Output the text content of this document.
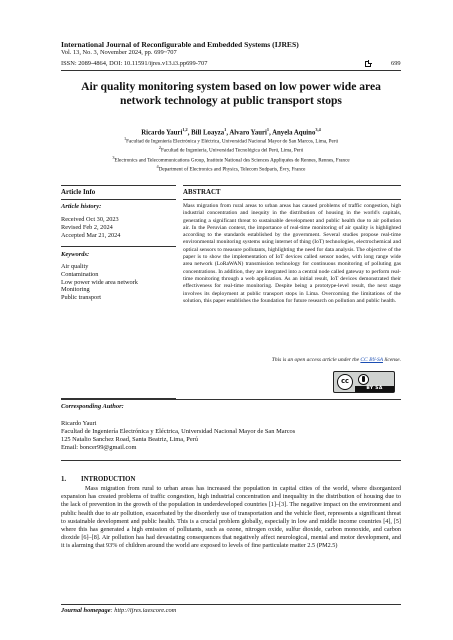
International Journal of Reconfigurable and Embedded Systems (IJRES)
Vol. 13, No. 3, November 2024, pp. 699~707
ISSN: 2089-4864, DOI: 10.11591/ijres.v13.i3.pp699-707	699
Air quality monitoring system based on low power wide area network technology at public transport stops
Ricardo Yauri$^{1,2}$, Bill Loayza$^1$, Alvaro Yauri$^1$, Anyela Aquino$^{3,4}$
$^1$Facultad de Ingeniería Electrónica y Eléctrica, Universidad Nacional Mayor de San Marcos, Lima, Perú
$^2$Facultad de Ingeniería, Universidad Tecnológica del Perú, Lima, Perú
$^3$Electronics and Telecommunications Group, Institute National des Sciences Appliquées de Rennes, Rennes, France
$^4$Department of Electronics and Physics, Telecom Sudparis, Évry, France
Article Info	ABSTRACT
Article history:
Received Oct 30, 2023
Revised Feb 2, 2024
Accepted Mar 21, 2024
Keywords:
Air quality
Contamination
Low power wide area network
Monitoring
Public transport
Mass migration from rural areas to urban areas has caused problems of traffic congestion, high industrial concentration and inequity in the distribution of housing in the world's capitals, generating a significant threat to sustainable development and public health due to air pollution air. In the Peruvian context, the importance of real-time monitoring of air quality is highlighted according to the standards established by the government. Several studies propose real-time environmental monitoring systems using internet of thing (IoT) technologies, electrochemical and optical sensors to measure pollutants, highlighting the need for data analysis. The objective of the paper is to show the implementation of IoT devices called sensor nodes, with long range wide area network (LoRaWAN) transmission technology for continuous monitoring of polluting gas concentrations. In addition, they are integrated into a central node called gateway to perform real-time monitoring through a web application. As an initial result, IoT devices demonstrated their effectiveness for real-time monitoring. Despite being a prototype-level result, the next stage involves its deployment at public transport stops in Lima. Overcoming the limitations of the solution, this paper establishes the foundation for future research on pollution and public health.
This is an open access article under the CC BY-SA license.
cc
BY SA
Corresponding Author:
Ricardo Yauri
Facultad de Ingeniería Electrónica y Eléctrica, Universidad Nacional Mayor de San Marcos
125 Natalio Sanchez Road, Santa Beatriz, Lima, Perú
Email: boncer99@gmail.com
1. INTRODUCTION
Mass migration from rural to urban areas has increased the population in capital cities of the world, where disorganized expansion has created problems of traffic congestion, high industrial concentration and inequality in the distribution of housing due to the lack of prevention in the growth of the population in underdeveloped countries [1]–[3]. The negative impact on the environment and public health due to air pollution, exacerbated by the disorderly use of transportation and the vehicle fleet, represents a significant threat to sustainable development and public health. This is a crucial problem globally, especially in low and middle income countries [4], [5] where this has generated a high emission of pollutants, such as ozone, nitrogen oxide, sulfur dioxide, carbon monoxide, and carbon dioxide [6]–[8]. Air pollution has had devastating consequences that negatively affect neurological, mental and motor development, and it is alarming that 93% of children around the world are exposed to levels of fine particulate matter 2.5 (PM2.5)
Journal homepage: http://ijres.iaescore.com
